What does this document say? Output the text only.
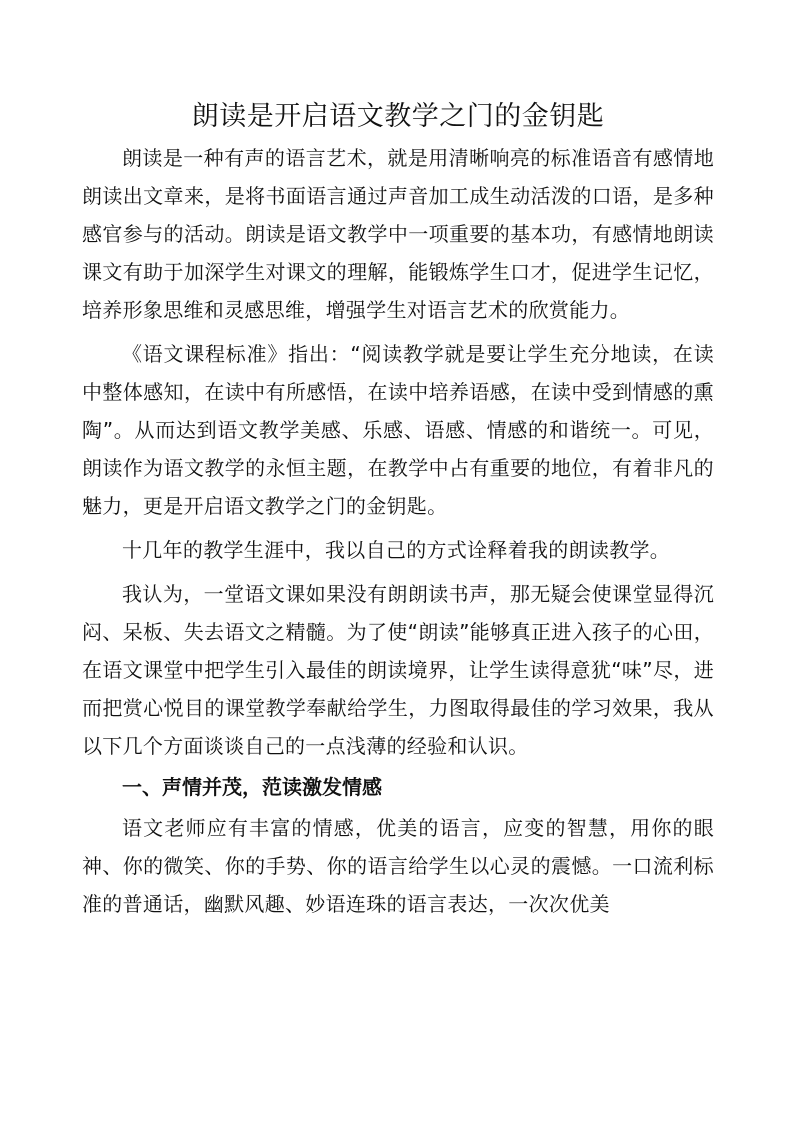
朗读是开启语文教学之门的金钥匙

朗读是一种有声的语言艺术，就是用清晰响亮的标准语音有感情地朗读出文章来，是将书面语言通过声音加工成生动活泼的口语，是多种感官参与的活动。朗读是语文教学中一项重要的基本功，有感情地朗读课文有助于加深学生对课文的理解，能锻炼学生口才，促进学生记忆，培养形象思维和灵感思维，增强学生对语言艺术的欣赏能力。

《语文课程标准》指出：“阅读教学就是要让学生充分地读，在读中整体感知，在读中有所感悟，在读中培养语感，在读中受到情感的熏陶”。从而达到语文教学美感、乐感、语感、情感的和谐统一。可见，朗读作为语文教学的永恒主题，在教学中占有重要的地位，有着非凡的魅力，更是开启语文教学之门的金钥匙。

十几年的教学生涯中，我以自己的方式诠释着我的朗读教学。

我认为，一堂语文课如果没有朗朗读书声，那无疑会使课堂显得沉闷、呆板、失去语文之精髓。为了使“朗读”能够真正进入孩子的心田，在语文课堂中把学生引入最佳的朗读境界，让学生读得意犹“味”尽，进而把赏心悦目的课堂教学奉献给学生，力图取得最佳的学习效果，我从以下几个方面谈谈自己的一点浅薄的经验和认识。

一、声情并茂，范读激发情感

语文老师应有丰富的情感，优美的语言，应变的智慧，用你的眼神、你的微笑、你的手势、你的语言给学生以心灵的震憾。一口流利标准的普通话，幽默风趣、妙语连珠的语言表达，一次次优美
